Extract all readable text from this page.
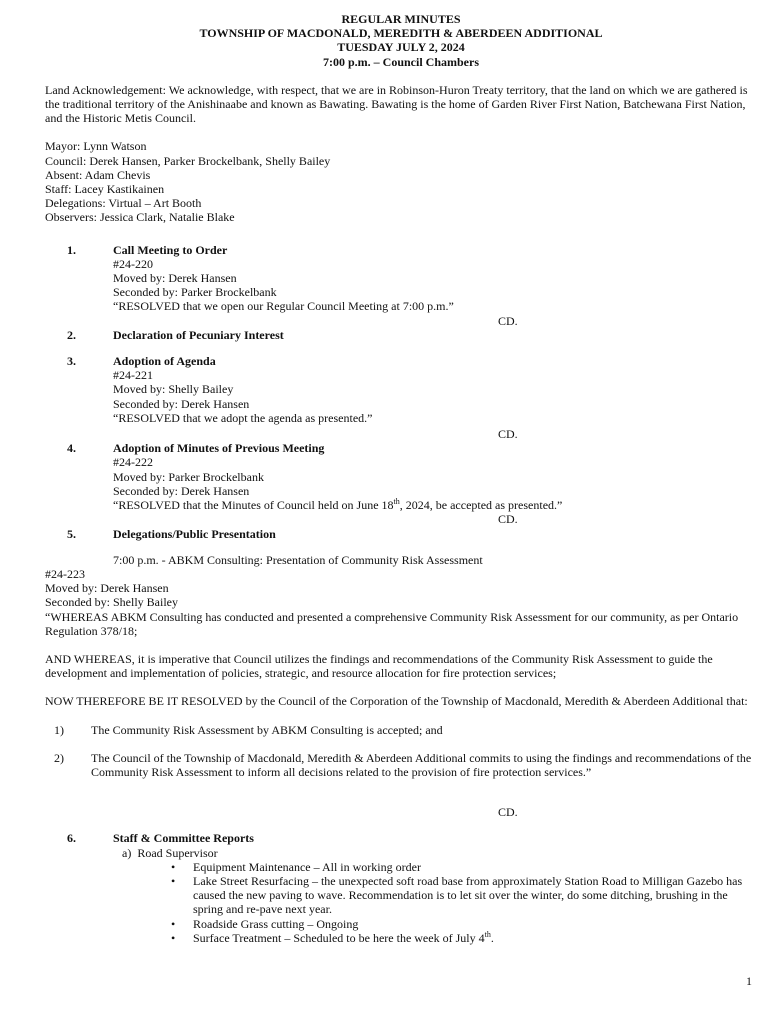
REGULAR MINUTES

TOWNSHIP OF MACDONALD, MEREDITH & ABERDEEN ADDITIONAL

TUESDAY JULY 2, 2024

7:00 p.m. – Council Chambers

Land Acknowledgement: We acknowledge, with respect, that we are in Robinson-Huron Treaty territory, that the land on which we are gathered is the traditional territory of the Anishinaabe and known as Bawating. Bawating is the home of Garden River First Nation, Batchewana First Nation, and the Historic Metis Council.

Mayor: Lynn Watson

Council: Derek Hansen, Parker Brockelbank, Shelly Bailey

Absent: Adam Chevis

Staff: Lacey Kastikainen

Delegations: Virtual – Art Booth

Observers: Jessica Clark, Natalie Blake

1.	Call Meeting to Order

#24-220

Moved by: Derek Hansen

Seconded by: Parker Brockelbank

“RESOLVED that we open our Regular Council Meeting at 7:00 p.m.”

CD.

2.	Declaration of Pecuniary Interest
3.	Adoption of Agenda

#24-221

Moved by: Shelly Bailey

Seconded by: Derek Hansen

“RESOLVED that we adopt the agenda as presented.”

CD.

4.	Adoption of Minutes of Previous Meeting

#24-222

Moved by: Parker Brockelbank

Seconded by: Derek Hansen

“RESOLVED that the Minutes of Council held on June 18th, 2024, be accepted as presented.”

CD.

5.	Delegations/Public Presentation

7:00 p.m. - ABKM Consulting: Presentation of Community Risk Assessment

#24-223

Moved by: Derek Hansen

Seconded by: Shelly Bailey

“WHEREAS ABKM Consulting has conducted and presented a comprehensive Community Risk Assessment for our community, as per Ontario Regulation 378/18;

AND WHEREAS, it is imperative that Council utilizes the findings and recommendations of the Community Risk Assessment to guide the development and implementation of policies, strategic, and resource allocation for fire protection services;

NOW THEREFORE BE IT RESOLVED by the Council of the Corporation of the Township of Macdonald, Meredith & Aberdeen Additional that:

1)	The Community Risk Assessment by ABKM Consulting is accepted; and
2)	The Council of the Township of Macdonald, Meredith & Aberdeen Additional commits to using the findings and recommendations of the Community Risk Assessment to inform all decisions related to the provision of fire protection services.”

CD.

6.	Staff & Committee Reports

a)  Road Supervisor

•	Equipment Maintenance – All in working order
•	Lake Street Resurfacing – the unexpected soft road base from approximately Station Road to Milligan Gazebo has caused the new paving to wave. Recommendation is to let sit over the winter, do some ditching, brushing in the spring and re-pave next year.
•	Roadside Grass cutting – Ongoing
•	Surface Treatment – Scheduled to be here the week of July 4th.
1
